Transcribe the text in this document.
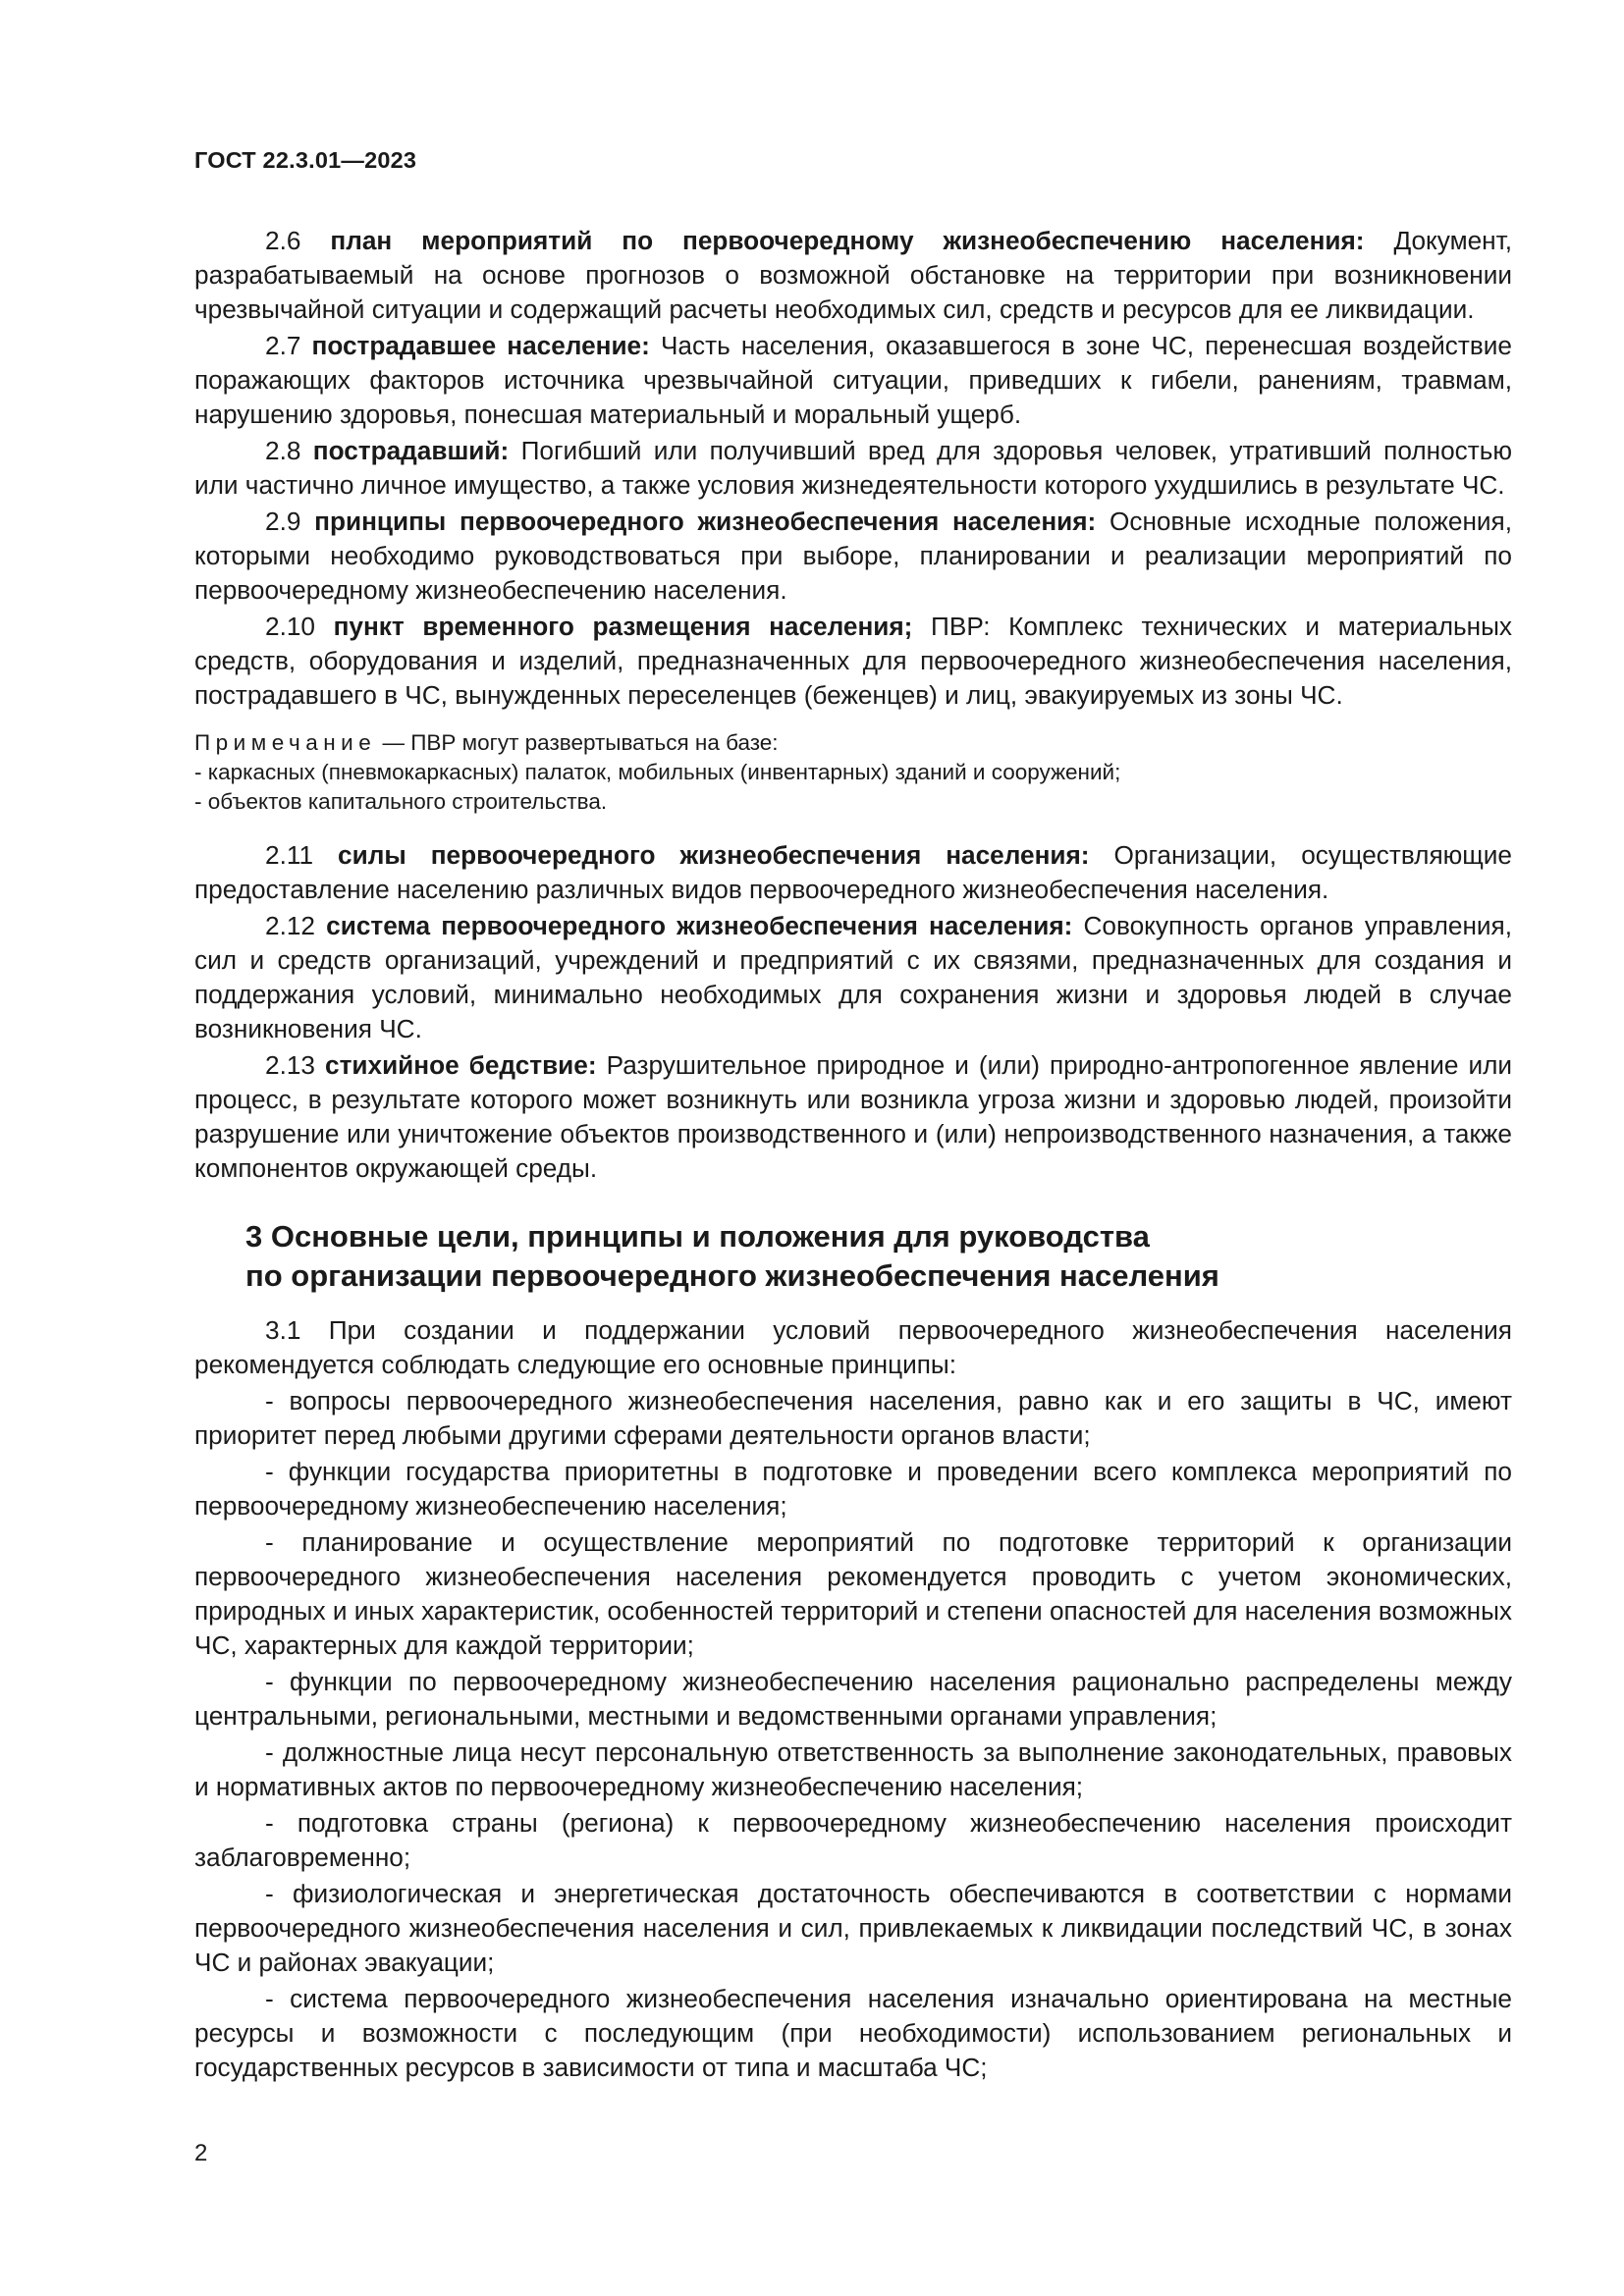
ГОСТ 22.3.01—2023

2.6 план мероприятий по первоочередному жизнеобеспечению населения: Документ, разрабатываемый на основе прогнозов о возможной обстановке на территории при возникновении чрезвычайной ситуации и содержащий расчеты необходимых сил, средств и ресурсов для ее ликвидации.

2.7 пострадавшее население: Часть населения, оказавшегося в зоне ЧС, перенесшая воздействие поражающих факторов источника чрезвычайной ситуации, приведших к гибели, ранениям, травмам, нарушению здоровья, понесшая материальный и моральный ущерб.

2.8 пострадавший: Погибший или получивший вред для здоровья человек, утративший полностью или частично личное имущество, а также условия жизнедеятельности которого ухудшились в результате ЧС.

2.9 принципы первоочередного жизнеобеспечения населения: Основные исходные положения, которыми необходимо руководствоваться при выборе, планировании и реализации мероприятий по первоочередному жизнеобеспечению населения.

2.10 пункт временного размещения населения; ПВР: Комплекс технических и материальных средств, оборудования и изделий, предназначенных для первоочередного жизнеобеспечения населения, пострадавшего в ЧС, вынужденных переселенцев (беженцев) и лиц, эвакуируемых из зоны ЧС.

Примечание — ПВР могут развертываться на базе:

- каркасных (пневмокаркасных) палаток, мобильных (инвентарных) зданий и сооружений;

- объектов капитального строительства.

2.11 силы первоочередного жизнеобеспечения населения: Организации, осуществляющие предоставление населению различных видов первоочередного жизнеобеспечения населения.

2.12 система первоочередного жизнеобеспечения населения: Совокупность органов управления, сил и средств организаций, учреждений и предприятий с их связями, предназначенных для создания и поддержания условий, минимально необходимых для сохранения жизни и здоровья людей в случае возникновения ЧС.

2.13 стихийное бедствие: Разрушительное природное и (или) природно-антропогенное явление или процесс, в результате которого может возникнуть или возникла угроза жизни и здоровью людей, произойти разрушение или уничтожение объектов производственного и (или) непроизводственного назначения, а также компонентов окружающей среды.

3 Основные цели, принципы и положения для руководства
по организации первоочередного жизнеобеспечения населения

3.1 При создании и поддержании условий первоочередного жизнеобеспечения населения рекомендуется соблюдать следующие его основные принципы:

- вопросы первоочередного жизнеобеспечения населения, равно как и его защиты в ЧС, имеют приоритет перед любыми другими сферами деятельности органов власти;

- функции государства приоритетны в подготовке и проведении всего комплекса мероприятий по первоочередному жизнеобеспечению населения;

- планирование и осуществление мероприятий по подготовке территорий к организации первоочередного жизнеобеспечения населения рекомендуется проводить с учетом экономических, природных и иных характеристик, особенностей территорий и степени опасностей для населения возможных ЧС, характерных для каждой территории;

- функции по первоочередному жизнеобеспечению населения рационально распределены между центральными, региональными, местными и ведомственными органами управления;

- должностные лица несут персональную ответственность за выполнение законодательных, правовых и нормативных актов по первоочередному жизнеобеспечению населения;

- подготовка страны (региона) к первоочередному жизнеобеспечению населения происходит заблаговременно;

- физиологическая и энергетическая достаточность обеспечиваются в соответствии с нормами первоочередного жизнеобеспечения населения и сил, привлекаемых к ликвидации последствий ЧС, в зонах ЧС и районах эвакуации;

- система первоочередного жизнеобеспечения населения изначально ориентирована на местные ресурсы и возможности с последующим (при необходимости) использованием региональных и государственных ресурсов в зависимости от типа и масштаба ЧС;

2
